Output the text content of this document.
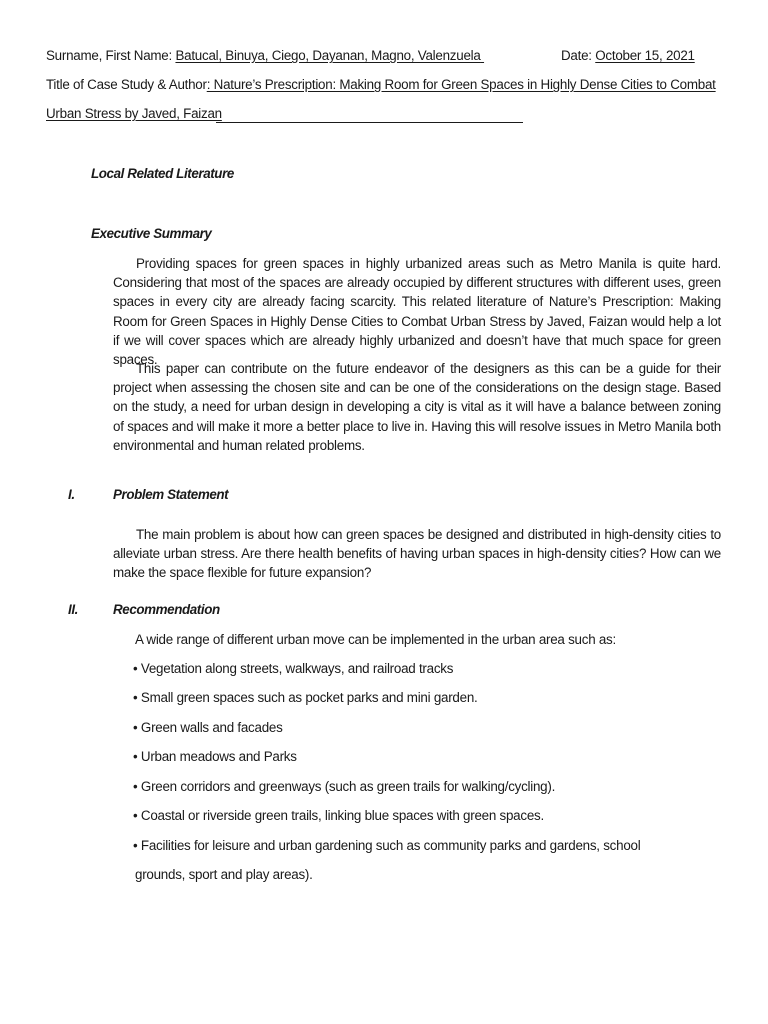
Surname, First Name: Batucal, Binuya, Ciego, Dayanan, Magno, Valenzuela	Date: October 15, 2021
Title of Case Study & Author: Nature’s Prescription: Making Room for Green Spaces in Highly Dense Cities to Combat
Urban Stress by Javed, Faizan
Local Related Literature
Executive Summary
Providing spaces for green spaces in highly urbanized areas such as Metro Manila is quite hard. Considering that most of the spaces are already occupied by different structures with different uses, green spaces in every city are already facing scarcity. This related literature of Nature’s Prescription: Making Room for Green Spaces in Highly Dense Cities to Combat Urban Stress by Javed, Faizan would help a lot if we will cover spaces which are already highly urbanized and doesn’t have that much space for green spaces.
This paper can contribute on the future endeavor of the designers as this can be a guide for their project when assessing the chosen site and can be one of the considerations on the design stage. Based on the study, a need for urban design in developing a city is vital as it will have a balance between zoning of spaces and will make it more a better place to live in. Having this will resolve issues in Metro Manila both environmental and human related problems.
I.	Problem Statement
The main problem is about how can green spaces be designed and distributed in high-density cities to alleviate urban stress. Are there health benefits of having urban spaces in high-density cities? How can we make the space flexible for future expansion?
II.	Recommendation
A wide range of different urban move can be implemented in the urban area such as:
• Vegetation along streets, walkways, and railroad tracks
• Small green spaces such as pocket parks and mini garden.
• Green walls and facades
• Urban meadows and Parks
• Green corridors and greenways (such as green trails for walking/cycling).
• Coastal or riverside green trails, linking blue spaces with green spaces.
• Facilities for leisure and urban gardening such as community parks and gardens, school
grounds, sport and play areas).
